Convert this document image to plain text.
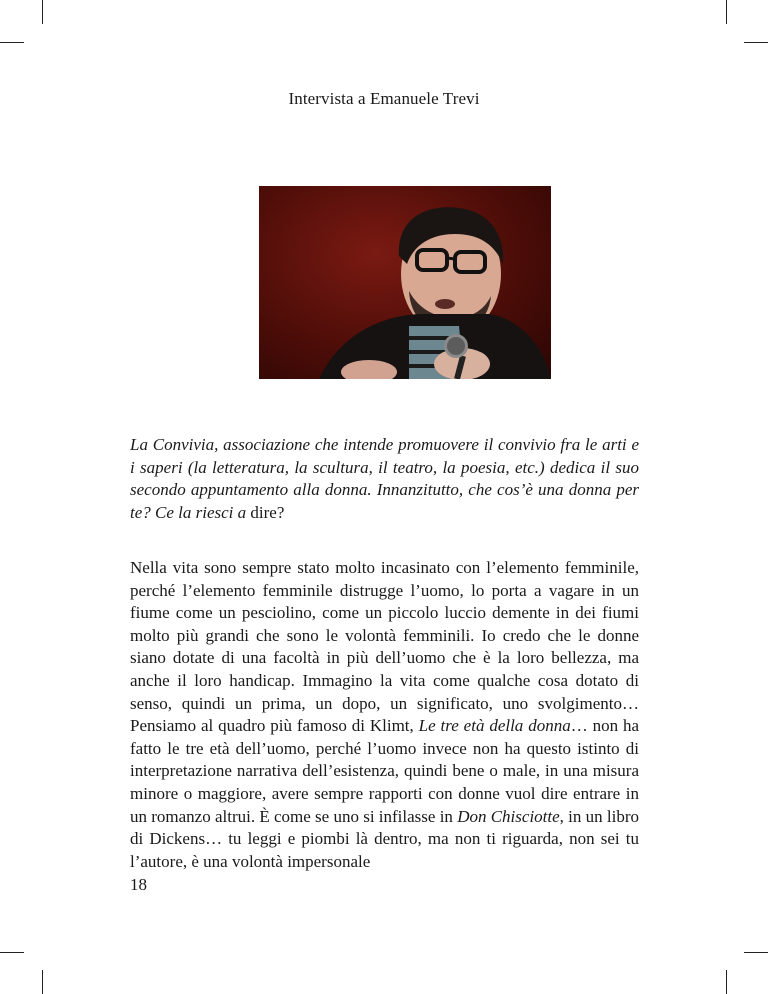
Intervista a Emanuele Trevi

La Convivia, associazione che intende promuovere il convivio fra le arti e i saperi (la letteratura, la scultura, il teatro, la poesia, etc.) dedica il suo secondo appuntamento alla donna. Innanzitutto, che cos’è una donna per te? Ce la riesci a dire?

Nella vita sono sempre stato molto incasinato con l’elemento femminile, perché l’elemento femminile distrugge l’uomo, lo porta a vagare in un fiume come un pesciolino, come un piccolo luccio demente in dei fiumi molto più grandi che sono le volontà femminili. Io credo che le donne siano dotate di una facoltà in più dell’uomo che è la loro bellezza, ma anche il loro handicap. Immagino la vita come qualche cosa dotato di senso, quindi un prima, un dopo, un significato, uno svolgimento… Pensiamo al quadro più famoso di Klimt, Le tre età della donna… non ha fatto le tre età dell’uomo, perché l’uomo invece non ha questo istinto di interpretazione narrativa dell’esistenza, quindi bene o male, in una misura minore o maggiore, avere sempre rapporti con donne vuol dire entrare in un romanzo altrui. È come se uno si infilasse in Don Chisciotte, in un libro di Dickens… tu leggi e piombi là dentro, ma non ti riguarda, non sei tu l’autore, è una volontà impersonale

18
